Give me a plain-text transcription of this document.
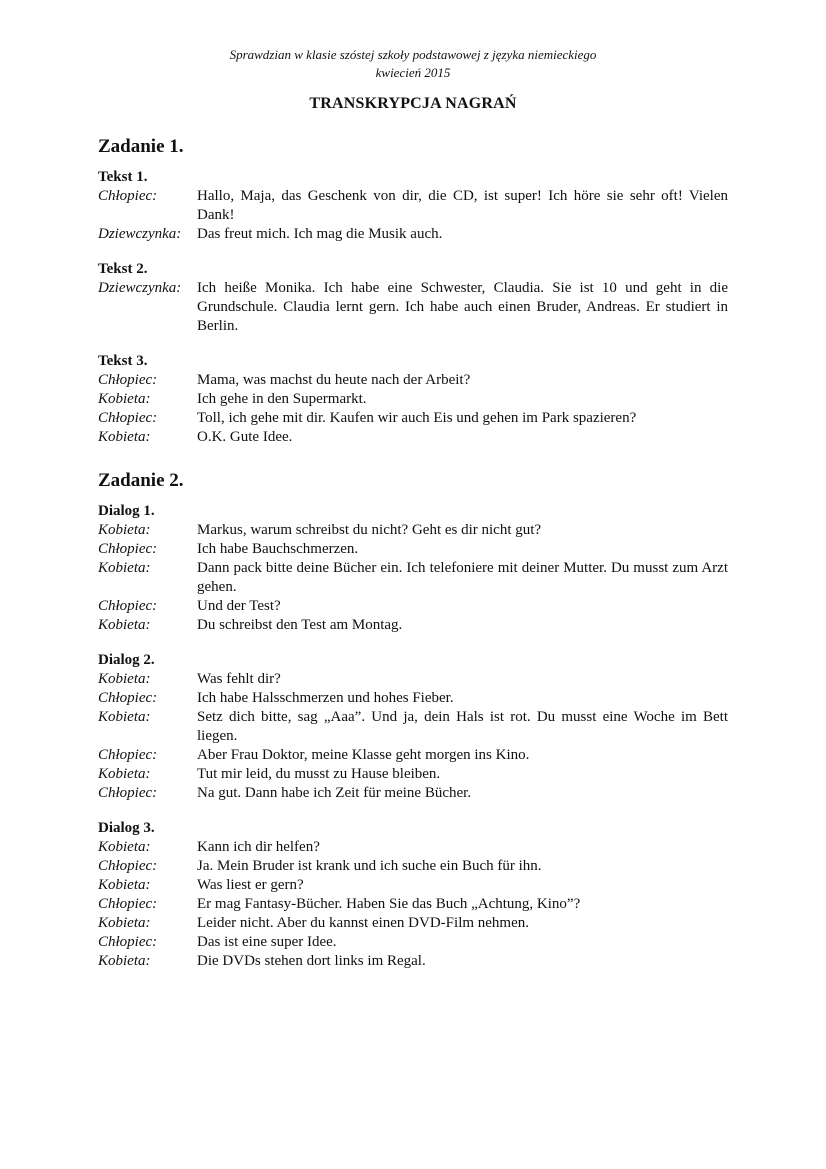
Sprawdzian w klasie szóstej szkoły podstawowej z języka niemieckiego
kwiecień 2015
TRANSKRYPCJA NAGRAŃ
Zadanie 1.
Tekst 1.
Chłopiec:	Hallo, Maja, das Geschenk von dir, die CD, ist super! Ich höre sie sehr oft! Vielen Dank!
Dziewczynka:	Das freut mich. Ich mag die Musik auch.
Tekst 2.
Dziewczynka:	Ich heiße Monika. Ich habe eine Schwester, Claudia. Sie ist 10 und geht in die Grundschule. Claudia lernt gern. Ich habe auch einen Bruder, Andreas. Er studiert in Berlin.
Tekst 3.
Chłopiec:	Mama, was machst du heute nach der Arbeit?
Kobieta:	Ich gehe in den Supermarkt.
Chłopiec:	Toll, ich gehe mit dir. Kaufen wir auch Eis und gehen im Park spazieren?
Kobieta:	O.K. Gute Idee.
Zadanie 2.
Dialog 1.
Kobieta:	Markus, warum schreibst du nicht? Geht es dir nicht gut?
Chłopiec:	Ich habe Bauchschmerzen.
Kobieta:	Dann pack bitte deine Bücher ein. Ich telefoniere mit deiner Mutter. Du musst zum Arzt gehen.
Chłopiec:	Und der Test?
Kobieta:	Du schreibst den Test am Montag.
Dialog 2.
Kobieta:	Was fehlt dir?
Chłopiec:	Ich habe Halsschmerzen und hohes Fieber.
Kobieta:	Setz dich bitte, sag „Aaa”. Und ja, dein Hals ist rot. Du musst eine Woche im Bett liegen.
Chłopiec:	Aber Frau Doktor, meine Klasse geht morgen ins Kino.
Kobieta:	Tut mir leid, du musst zu Hause bleiben.
Chłopiec:	Na gut. Dann habe ich Zeit für meine Bücher.
Dialog 3.
Kobieta:	Kann ich dir helfen?
Chłopiec:	Ja. Mein Bruder ist krank und ich suche ein Buch für ihn.
Kobieta:	Was liest er gern?
Chłopiec:	Er mag Fantasy-Bücher. Haben Sie das Buch „Achtung, Kino”?
Kobieta:	Leider nicht. Aber du kannst einen DVD-Film nehmen.
Chłopiec:	Das ist eine super Idee.
Kobieta:	Die DVDs stehen dort links im Regal.
